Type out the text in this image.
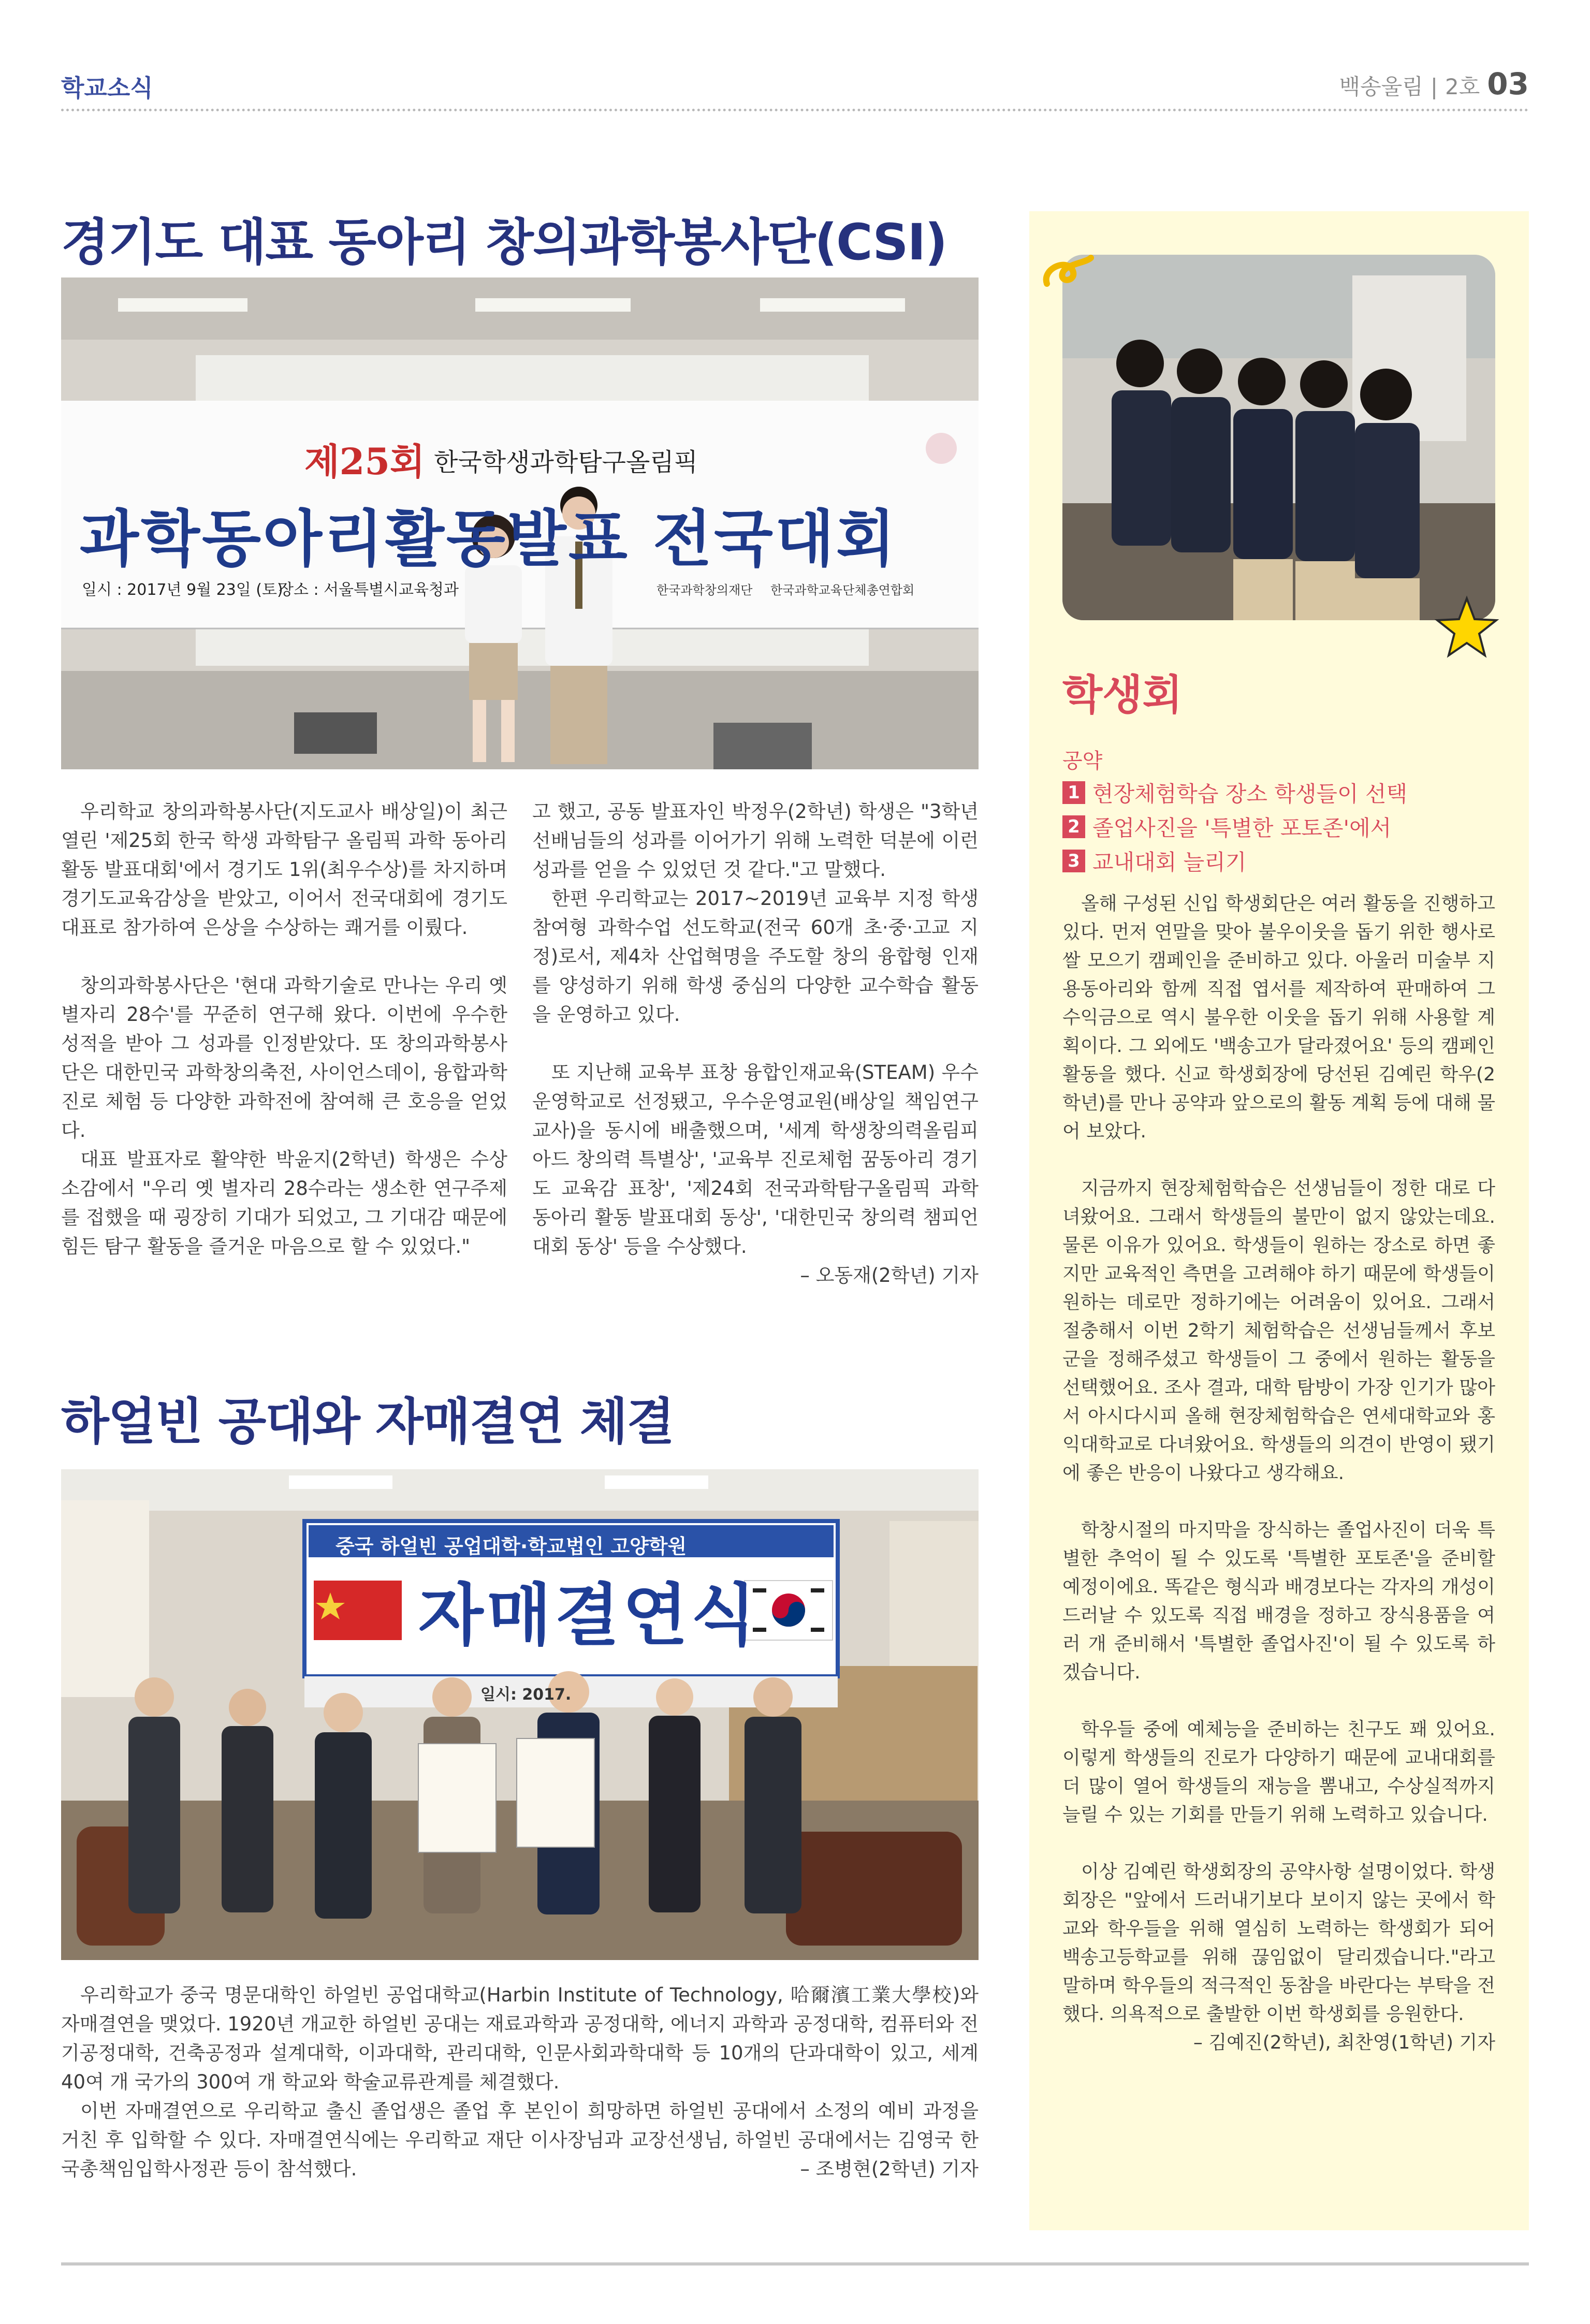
학교소식	백송울림 | 2호 03
경기도 대표 동아리 창의과학봉사단(CSI)
제25회 한국학생과학탐구올림픽
과학동아리활동발표 전국대회
일시 : 2017년 9월 23일 (토)
장소 : 서울특별시교육청과	한국과학창의재단 한국과학교육단체총연합회

우리학교 창의과학봉사단(지도교사 배상일)이 최근 열린 '제25회 한국 학생 과학탐구 올림픽 과학 동아리 활동 발표대회'에서 경기도 1위(최우수상)를 차지하며 경기도교육감상을 받았고, 이어서 전국대회에 경기도 대표로 참가하여 은상을 수상하는 쾌거를 이뤘다.

창의과학봉사단은 '현대 과학기술로 만나는 우리 옛 별자리 28수'를 꾸준히 연구해 왔다. 이번에 우수한 성적을 받아 그 성과를 인정받았다. 또 창의과학봉사단은 대한민국 과학창의축전, 사이언스데이, 융합과학진로 체험 등 다양한 과학전에 참여해 큰 호응을 얻었다.

대표 발표자로 활약한 박윤지(2학년) 학생은 수상소감에서 "우리 옛 별자리 28수라는 생소한 연구주제를 접했을 때 굉장히 기대가 되었고, 그 기대감 때문에 힘든 탐구 활동을 즐거운 마음으로 할 수 있었다."

고 했고, 공동 발표자인 박정우(2학년) 학생은 "3학년 선배님들의 성과를 이어가기 위해 노력한 덕분에 이런 성과를 얻을 수 있었던 것 같다."고 말했다.

한편 우리학교는 2017~2019년 교육부 지정 학생 참여형 과학수업 선도학교(전국 60개 초·중·고교 지정)로서, 제4차 산업혁명을 주도할 창의 융합형 인재를 양성하기 위해 학생 중심의 다양한 교수학습 활동을 운영하고 있다.

또 지난해 교육부 표창 융합인재교육(STEAM) 우수 운영학교로 선정됐고, 우수운영교원(배상일 책임연구교사)을 동시에 배출했으며, '세계 학생창의력올림피아드 창의력 특별상', '교육부 진로체험 꿈동아리 경기도 교육감 표창', '제24회 전국과학탐구올림픽 과학 동아리 활동 발표대회 동상', '대한민국 창의력 챔피언대회 동상' 등을 수상했다.

– 오동재(2학년) 기자

하얼빈 공대와 자매결연 체결
중국 하얼빈 공업대학·학교법인 고양학원
자매결연식
일시: 2017.

우리학교가 중국 명문대학인 하얼빈 공업대학교(Harbin Institute of Technology, 哈爾濱工業大學校)와 자매결연을 맺었다. 1920년 개교한 하얼빈 공대는 재료과학과 공정대학, 에너지 과학과 공정대학, 컴퓨터와 전기공정대학, 건축공정과 설계대학, 이과대학, 관리대학, 인문사회과학대학 등 10개의 단과대학이 있고, 세계 40여 개 국가의 300여 개 학교와 학술교류관계를 체결했다.

이번 자매결연으로 우리학교 출신 졸업생은 졸업 후 본인이 희망하면 하얼빈 공대에서 소정의 예비 과정을 거친 후 입학할 수 있다. 자매결연식에는 우리학교 재단 이사장님과 교장선생님, 하얼빈 공대에서는 김영국 한국총책임입학사정관 등이 참석했다.	– 조병현(2학년) 기자

학생회
공약
1 현장체험학습 장소 학생들이 선택
2 졸업사진을 '특별한 포토존'에서
3 교내대회 늘리기

올해 구성된 신입 학생회단은 여러 활동을 진행하고 있다. 먼저 연말을 맞아 불우이웃을 돕기 위한 행사로 쌀 모으기 캠페인을 준비하고 있다. 아울러 미술부 지용동아리와 함께 직접 엽서를 제작하여 판매하여 그 수익금으로 역시 불우한 이웃을 돕기 위해 사용할 계획이다. 그 외에도 '백송고가 달라졌어요' 등의 캠페인 활동을 했다. 신교 학생회장에 당선된 김예린 학우(2학년)를 만나 공약과 앞으로의 활동 계획 등에 대해 물어 보았다.

지금까지 현장체험학습은 선생님들이 정한 대로 다녀왔어요. 그래서 학생들의 불만이 없지 않았는데요. 물론 이유가 있어요. 학생들이 원하는 장소로 하면 좋지만 교육적인 측면을 고려해야 하기 때문에 학생들이 원하는 데로만 정하기에는 어려움이 있어요. 그래서 절충해서 이번 2학기 체험학습은 선생님들께서 후보군을 정해주셨고 학생들이 그 중에서 원하는 활동을 선택했어요. 조사 결과, 대학 탐방이 가장 인기가 많아서 아시다시피 올해 현장체험학습은 연세대학교와 홍익대학교로 다녀왔어요. 학생들의 의견이 반영이 됐기에 좋은 반응이 나왔다고 생각해요.

학창시절의 마지막을 장식하는 졸업사진이 더욱 특별한 추억이 될 수 있도록 '특별한 포토존'을 준비할 예정이에요. 똑같은 형식과 배경보다는 각자의 개성이 드러날 수 있도록 직접 배경을 정하고 장식용품을 여러 개 준비해서 '특별한 졸업사진'이 될 수 있도록 하겠습니다.

학우들 중에 예체능을 준비하는 친구도 꽤 있어요. 이렇게 학생들의 진로가 다양하기 때문에 교내대회를 더 많이 열어 학생들의 재능을 뽐내고, 수상실적까지 늘릴 수 있는 기회를 만들기 위해 노력하고 있습니다.

이상 김예린 학생회장의 공약사항 설명이었다. 학생회장은 "앞에서 드러내기보다 보이지 않는 곳에서 학교와 학우들을 위해 열심히 노력하는 학생회가 되어 백송고등학교를 위해 끊임없이 달리겠습니다."라고 말하며 학우들의 적극적인 동참을 바란다는 부탁을 전했다. 의욕적으로 출발한 이번 학생회를 응원한다.

– 김예진(2학년), 최찬영(1학년) 기자
